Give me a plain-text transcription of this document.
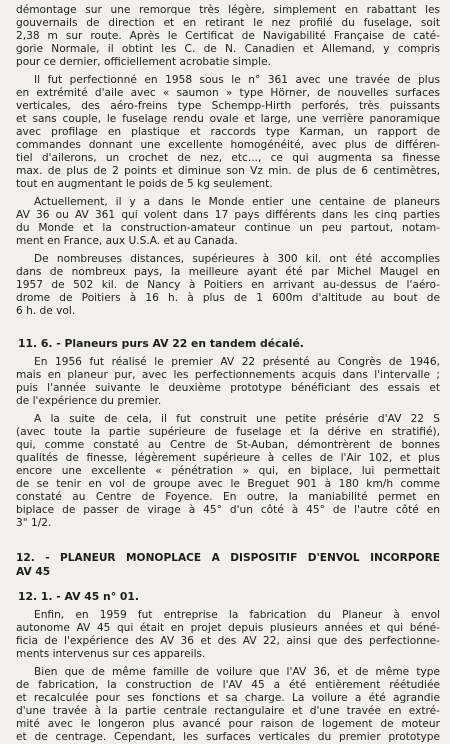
démontage sur une remorque très légère, simplement en rabattant les
gouvernails de direction et en retirant le nez profilé du fuselage, soit
2,38 m sur route. Après le Certificat de Navigabilité Française de caté-
gorie Normale, il obtint les C. de N. Canadien et Allemand, y compris
pour ce dernier, officiellement acrobatie simple.
Il fut perfectionné en 1958 sous le n° 361 avec une travée de plus
en extrémité d'aile avec « saumon » type Hörner, de nouvelles surfaces
verticales, des aéro-freins type Schempp-Hirth perforés, très puissants
et sans couple, le fuselage rendu ovale et large, une verrière panoramique
avec profilage en plastique et raccords type Karman, un rapport de
commandes donnant une excellente homogénéité, avec plus de différen-
tiel d'ailerons, un crochet de nez, etc..., ce qui augmenta sa finesse
max. de plus de 2 points et diminue son Vz min. de plus de 6 centimètres,
tout en augmentant le poids de 5 kg seulement.
Actuellement, il y a dans le Monde entier une centaine de planeurs
AV 36 ou AV 361 qui volent dans 17 pays différents dans les cinq parties
du Monde et la construction-amateur continue un peu partout, notam-
ment en France, aux U.S.A. et au Canada.
De nombreuses distances, supérieures à 300 kil. ont été accomplies
dans de nombreux pays, la meilleure ayant été par Michel Maugel en
1957 de 502 kil. de Nancy à Poitiers en arrivant au-dessus de l'aéro-
drome de Poitiers à 16 h. à plus de 1 600m d'altitude au bout de
6 h. de vol.
11. 6. - Planeurs purs AV 22 en tandem décalé.
En 1956 fut réalisé le premier AV 22 présenté au Congrès de 1946,
mais en planeur pur, avec les perfectionnements acquis dans l'intervalle ;
puis l'année suivante le deuxième prototype bénéficiant des essais et
de l'expérience du premier.
A la suite de cela, il fut construit une petite présérie d'AV 22 S
(avec toute la partie supérieure de fuselage et la dérive en stratifié),
qui, comme constaté au Centre de St-Auban, démontrèrent de bonnes
qualités de finesse, légèrement supérieure à celles de l'Air 102, et plus
encore une excellente « pénétration » qui, en biplace, lui permettait
de se tenir en vol de groupe avec le Breguet 901 à 180 km/h comme
constaté au Centre de Foyence. En outre, la maniabilité permet en
biplace de passer de virage à 45° d'un côté à 45° de l'autre côté en
3" 1/2.
12. - PLANEUR MONOPLACE A DISPOSITIF D'ENVOL INCORPORE
AV 45
12. 1. - AV 45 n° 01.
Enfin, en 1959 fut entreprise la fabrication du Planeur à envol
autonome AV 45 qui était en projet depuis plusieurs années et qui béné-
ficia de l'expérience des AV 36 et des AV 22, ainsi que des perfectionne-
ments intervenus sur ces appareils.
Bien que de même famille de voilure que l'AV 36, et de même type
de fabrication, la construction de l'AV 45 a été entièrement réétudiée
et recalculée pour ses fonctions et sa charge. La voilure a été agrandie
d'une travée à la partie centrale rectangulaire et d'une travée en extré-
mité avec le longeron plus avancé pour raison de logement de moteur
et de centrage. Cependant, les surfaces verticales du premier prototype
